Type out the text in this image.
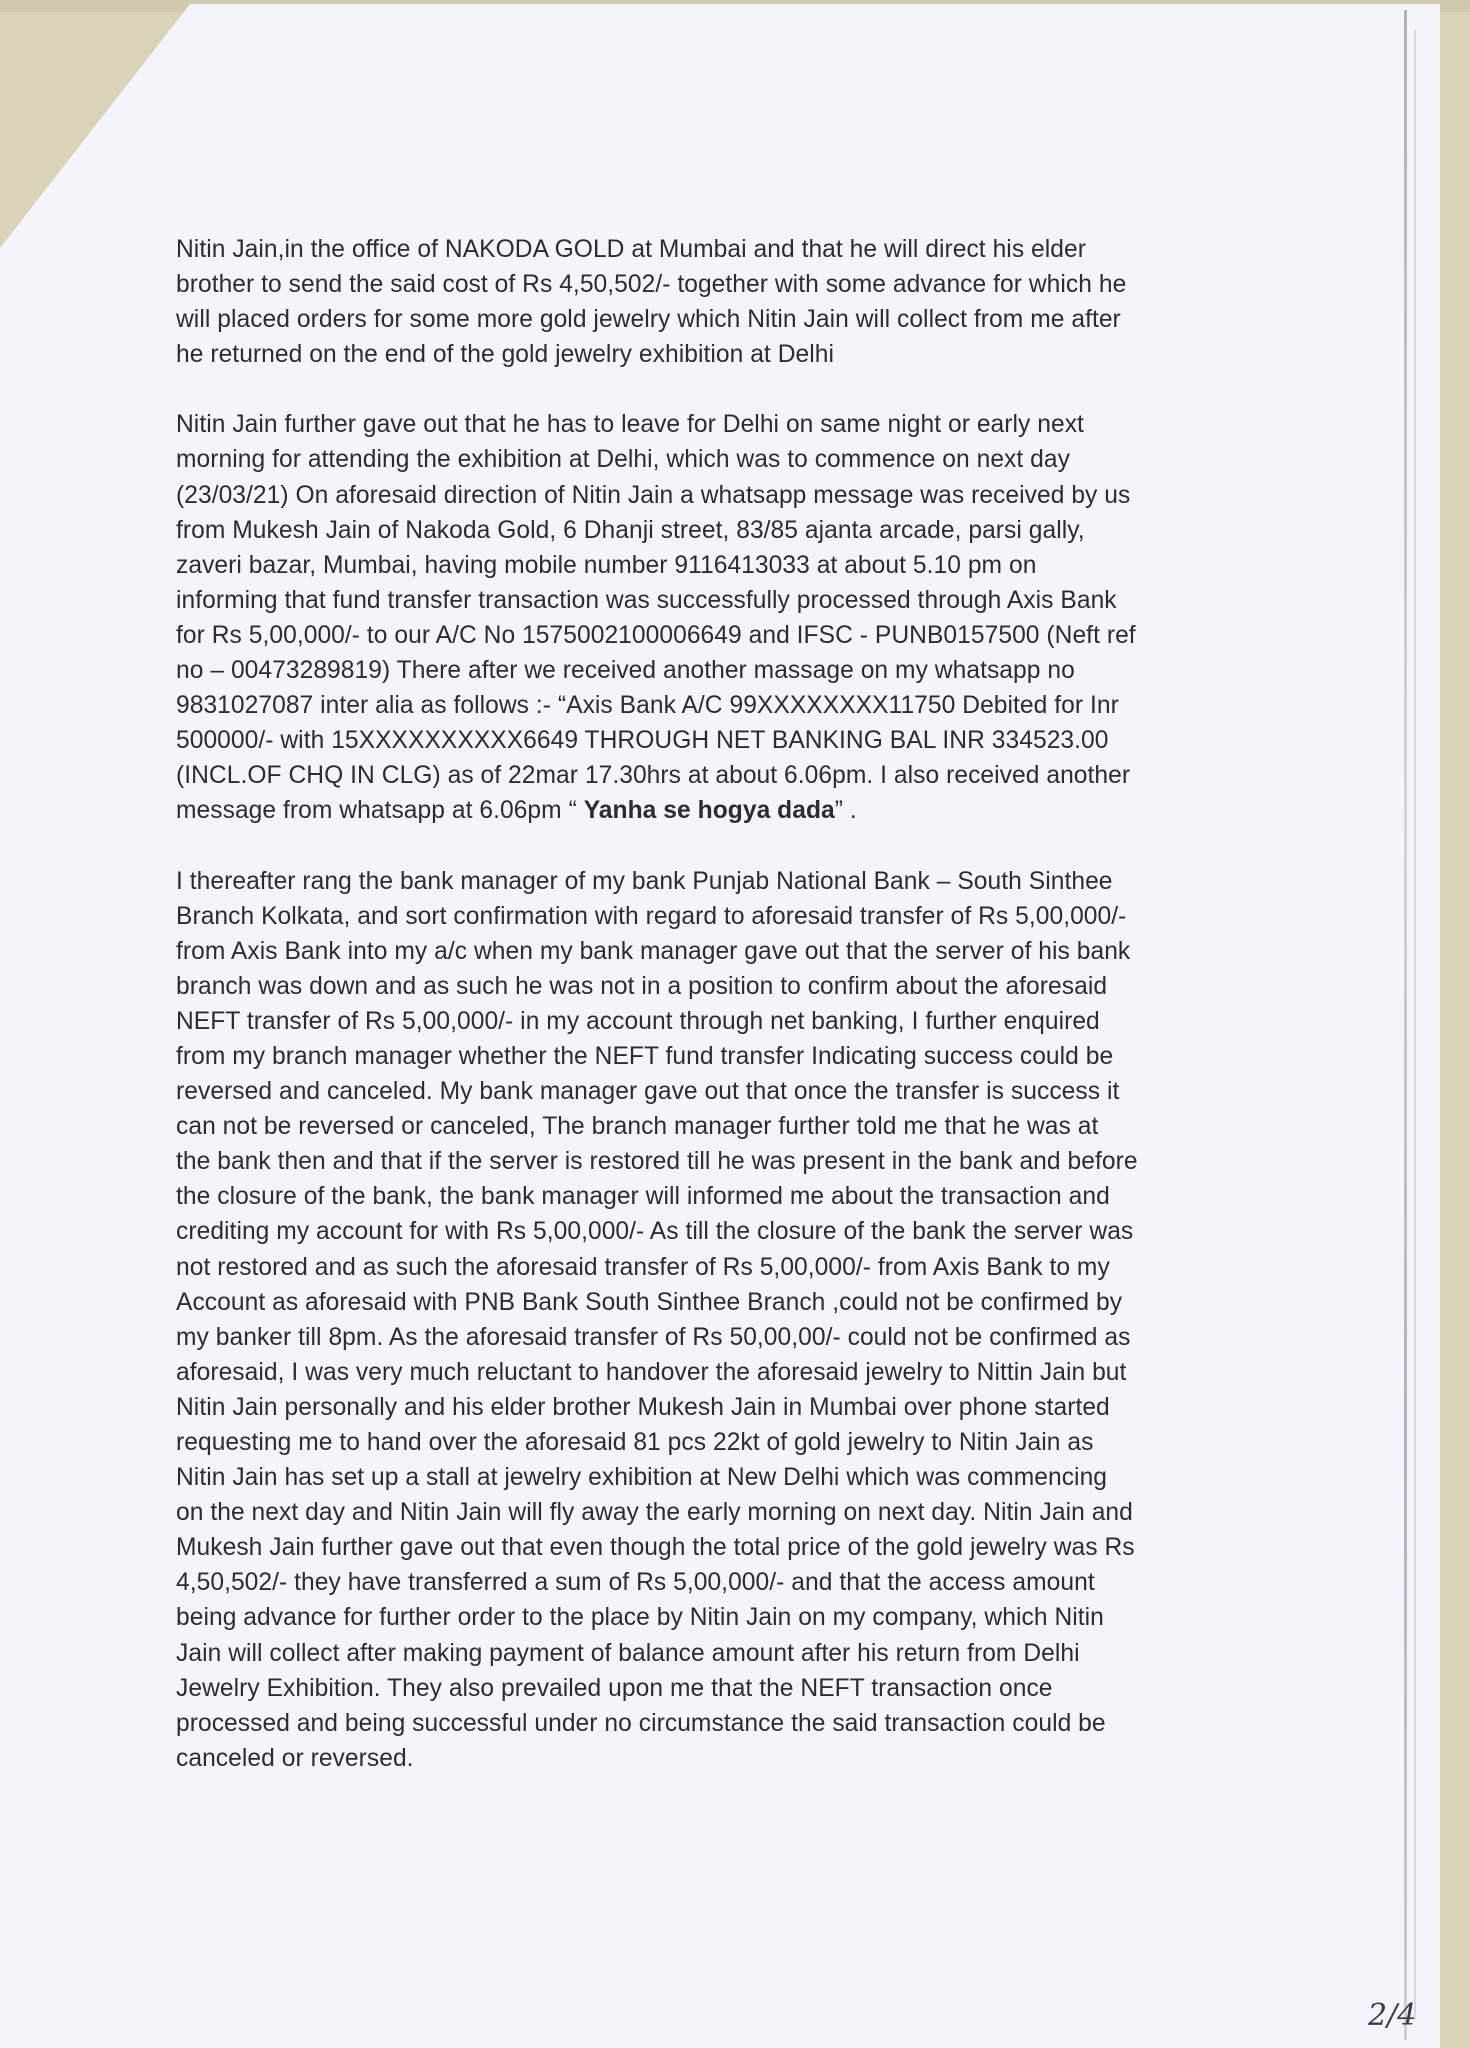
Nitin Jain,in the office of NAKODA GOLD at Mumbai and that he will direct his elder

brother to send the said cost of Rs 4,50,502/- together with some advance for which he

will placed orders for some more gold jewelry which Nitin Jain will collect from me after

he returned on the end of the gold jewelry exhibition at Delhi

Nitin Jain further gave out that he has to leave for Delhi on same night or early next

morning for attending the exhibition at Delhi, which was to commence on next day

(23/03/21) On aforesaid direction of Nitin Jain a whatsapp message was received by us

from Mukesh Jain of Nakoda Gold, 6 Dhanji street, 83/85 ajanta arcade, parsi gally,

zaveri bazar, Mumbai, having mobile number 9116413033 at about 5.10 pm on

informing that fund transfer transaction was successfully processed through Axis Bank

for Rs 5,00,000/- to our A/C No 1575002100006649 and IFSC - PUNB0157500 (Neft ref

no – 00473289819) There after we received another massage on my whatsapp no

9831027087 inter alia as follows :- “Axis Bank A/C 99XXXXXXXX11750 Debited for Inr

500000/- with 15XXXXXXXXXX6649 THROUGH NET BANKING BAL INR 334523.00

(INCL.OF CHQ IN CLG) as of 22mar 17.30hrs at about 6.06pm. I also received another

message from whatsapp at 6.06pm “ Yanha se hogya dada” .

I thereafter rang the bank manager of my bank Punjab National Bank – South Sinthee

Branch Kolkata, and sort confirmation with regard to aforesaid transfer of Rs 5,00,000/-

from Axis Bank into my a/c when my bank manager gave out that the server of his bank

branch was down and as such he was not in a position to confirm about the aforesaid

NEFT transfer of Rs 5,00,000/- in my account through net banking, I further enquired

from my branch manager whether the NEFT fund transfer Indicating success could be

reversed and canceled. My bank manager gave out that once the transfer is success it

can not be reversed or canceled, The branch manager further told me that he was at

the bank then and that if the server is restored till he was present in the bank and before

the closure of the bank, the bank manager will informed me about the transaction and

crediting my account for with Rs 5,00,000/- As till the closure of the bank the server was

not restored and as such the aforesaid transfer of Rs 5,00,000/- from Axis Bank to my

Account as aforesaid with PNB Bank South Sinthee Branch ,could not be confirmed by

my banker till 8pm. As the aforesaid transfer of Rs 50,00,00/- could not be confirmed as

aforesaid, I was very much reluctant to handover the aforesaid jewelry to Nittin Jain but

Nitin Jain personally and his elder brother Mukesh Jain in Mumbai over phone started

requesting me to hand over the aforesaid 81 pcs 22kt of gold jewelry to Nitin Jain as

Nitin Jain has set up a stall at jewelry exhibition at New Delhi which was commencing

on the next day and Nitin Jain will fly away the early morning on next day. Nitin Jain and

Mukesh Jain further gave out that even though the total price of the gold jewelry was Rs

4,50,502/- they have transferred a sum of Rs 5,00,000/- and that the access amount

being advance for further order to the place by Nitin Jain on my company, which Nitin

Jain will collect after making payment of balance amount after his return from Delhi

Jewelry Exhibition. They also prevailed upon me that the NEFT transaction once

processed and being successful under no circumstance the said transaction could be

canceled or reversed.

2/4
